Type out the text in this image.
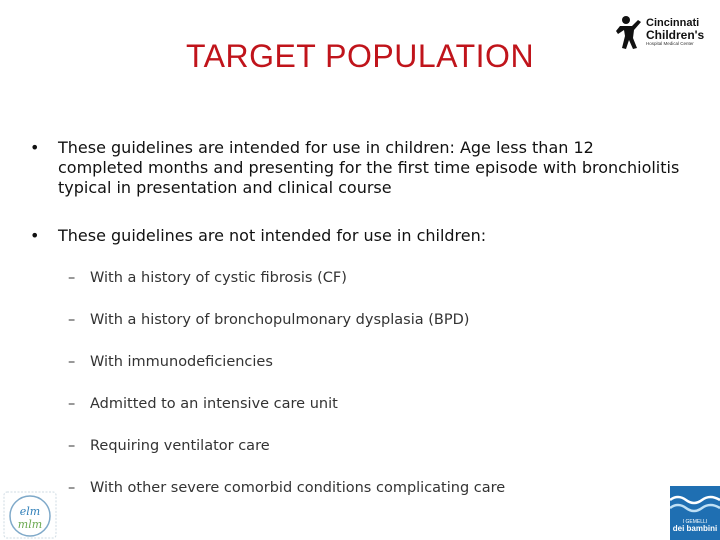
TARGET POPULATION
Cincinnati
Children's
Hospital Medical Center
•	These guidelines are intended for use in children: Age less than 12 completed months and presenting for the first time episode with bronchiolitis typical in presentation and clinical course
•	These guidelines are not intended for use in children:
–	With a history of cystic fibrosis (CF)
–	With a history of bronchopulmonary dysplasia (BPD)
–	With immunodeficiencies
–	Admitted to an intensive care unit
–	Requiring ventilator care
–	With other severe comorbid conditions complicating care
elm
mlm	I GEMELLI
dei bambini
